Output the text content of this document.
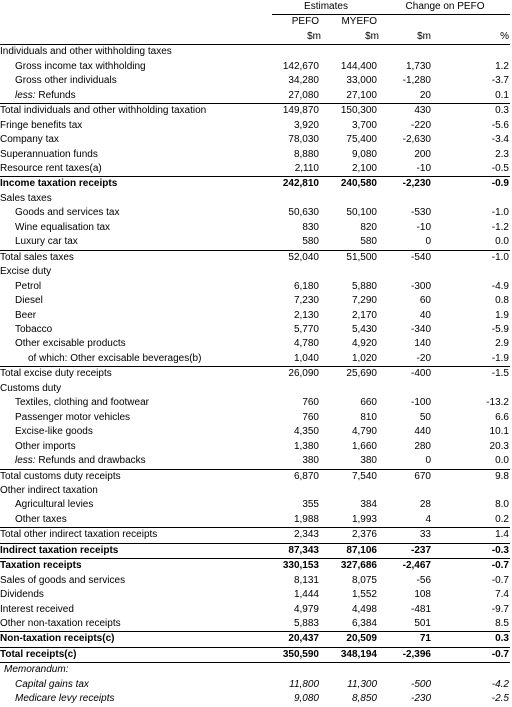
	Estimates		Change on PEFO	
	PEFO	MYEFO		
	$m	$m	$m	%
Individuals and other withholding taxes				
Gross income tax withholding	142,670	144,400	1,730	1.2
Gross other individuals	34,280	33,000	-1,280	-3.7
less: Refunds	27,080	27,100	20	0.1
Total individuals and other withholding taxation	149,870	150,300	430	0.3
Fringe benefits tax	3,920	3,700	-220	-5.6
Company tax	78,030	75,400	-2,630	-3.4
Superannuation funds	8,880	9,080	200	2.3
Resource rent taxes(a)	2,110	2,100	-10	-0.5
Income taxation receipts	242,810	240,580	-2,230	-0.9
Sales taxes				
Goods and services tax	50,630	50,100	-530	-1.0
Wine equalisation tax	830	820	-10	-1.2
Luxury car tax	580	580	0	0.0
Total sales taxes	52,040	51,500	-540	-1.0
Excise duty				
Petrol	6,180	5,880	-300	-4.9
Diesel	7,230	7,290	60	0.8
Beer	2,130	2,170	40	1.9
Tobacco	5,770	5,430	-340	-5.9
Other excisable products	4,780	4,920	140	2.9
of which: Other excisable beverages(b)	1,040	1,020	-20	-1.9
Total excise duty receipts	26,090	25,690	-400	-1.5
Customs duty				
Textiles, clothing and footwear	760	660	-100	-13.2
Passenger motor vehicles	760	810	50	6.6
Excise-like goods	4,350	4,790	440	10.1
Other imports	1,380	1,660	280	20.3
less: Refunds and drawbacks	380	380	0	0.0
Total customs duty receipts	6,870	7,540	670	9.8
Other indirect taxation				
Agricultural levies	355	384	28	8.0
Other taxes	1,988	1,993	4	0.2
Total other indirect taxation receipts	2,343	2,376	33	1.4
Indirect taxation receipts	87,343	87,106	-237	-0.3
Taxation receipts	330,153	327,686	-2,467	-0.7
Sales of goods and services	8,131	8,075	-56	-0.7
Dividends	1,444	1,552	108	7.4
Interest received	4,979	4,498	-481	-9.7
Other non-taxation receipts	5,883	6,384	501	8.5
Non-taxation receipts(c)	20,437	20,509	71	0.3
Total receipts(c)	350,590	348,194	-2,396	-0.7
Memorandum:				
Capital gains tax	11,800	11,300	-500	-4.2
Medicare levy receipts	9,080	8,850	-230	-2.5
